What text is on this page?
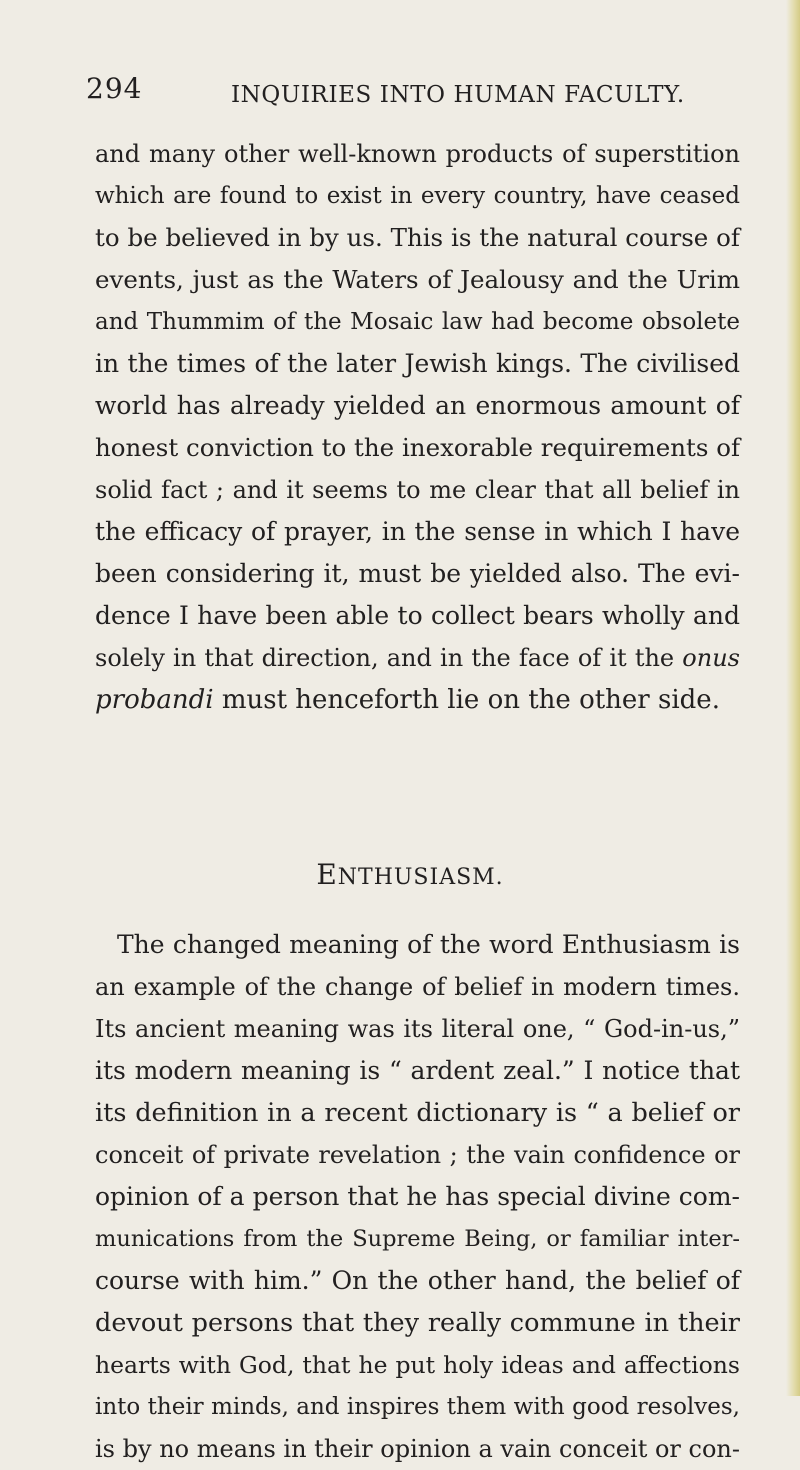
294	INQUIRIES INTO HUMAN FACULTY.
and many other well-known products of superstition
which are found to exist in every country, have ceased
to be believed in by us. This is the natural course of
events, just as the Waters of Jealousy and the Urim
and Thummim of the Mosaic law had become obsolete
in the times of the later Jewish kings. The civilised
world has already yielded an enormous amount of
honest conviction to the inexorable requirements of
solid fact ; and it seems to me clear that all belief in
the efficacy of prayer, in the sense in which I have
been considering it, must be yielded also. The evi-
dence I have been able to collect bears wholly and
solely in that direction, and in the face of it the onus
probandi must henceforth lie on the other side.
ENTHUSIASM.
The changed meaning of the word Enthusiasm is
an example of the change of belief in modern times.
Its ancient meaning was its literal one, “ God-in-us,”
its modern meaning is “ ardent zeal.” I notice that
its definition in a recent dictionary is “ a belief or
conceit of private revelation ; the vain confidence or
opinion of a person that he has special divine com-
munications from the Supreme Being, or familiar inter-
course with him.” On the other hand, the belief of
devout persons that they really commune in their
hearts with God, that he put holy ideas and affections
into their minds, and inspires them with good resolves,
is by no means in their opinion a vain conceit or con-
